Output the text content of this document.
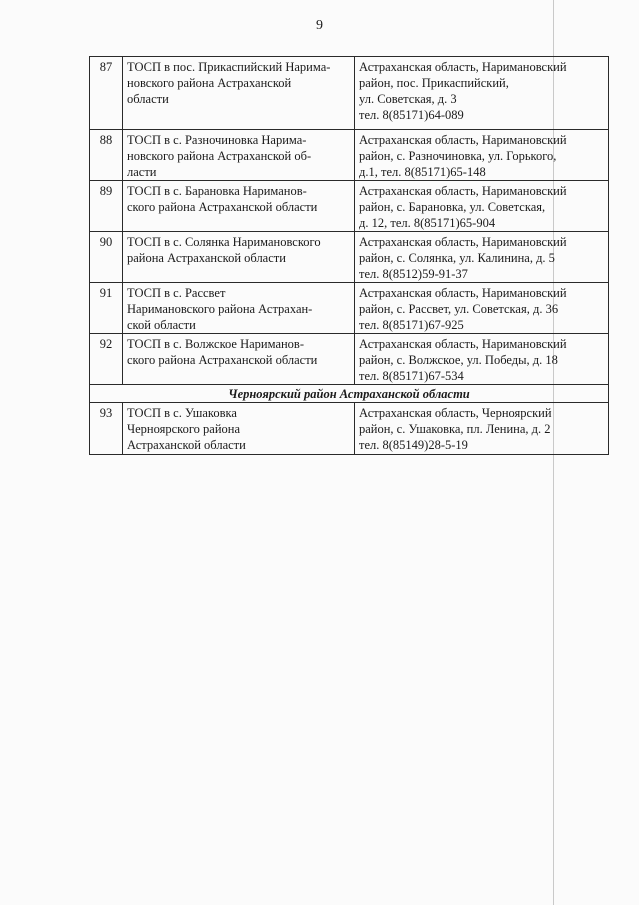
9
87	ТОСП в пос. Прикаспийский Нарима-
новского района Астраханской
области	Астраханская область, Наримановский
район, пос. Прикаспийский,
ул. Советская, д. 3
тел. 8(85171)64-089

88	ТОСП в с. Разночиновка Нарима-
новского района Астраханской об-
ласти	Астраханская область, Наримановский
район, с. Разночиновка, ул. Горького,
д.1, тел. 8(85171)65-148

89	ТОСП в с. Барановка Нариманов-
ского района Астраханской области	Астраханская область, Наримановский
район, с. Барановка, ул. Советская,
д. 12, тел. 8(85171)65-904

90	ТОСП в с. Солянка Наримановского
района Астраханской области	Астраханская область, Наримановский
район, с. Солянка, ул. Калинина, д. 5
тел. 8(8512)59-91-37

91	ТОСП в с. Рассвет
Наримановского района Астрахан-
ской области	Астраханская область, Наримановский
район, с. Рассвет, ул. Советская, д. 36
тел. 8(85171)67-925

92	ТОСП в с. Волжское Нариманов-
ского района Астраханской области	Астраханская область, Наримановский
район, с. Волжское, ул. Победы, д. 18
тел. 8(85171)67-534

Черноярский район Астраханской области		
93	ТОСП в с. Ушаковка
Черноярского района
Астраханской области	Астраханская область, Черноярский
район, с. Ушаковка, пл. Ленина, д. 2
тел. 8(85149)28-5-19
